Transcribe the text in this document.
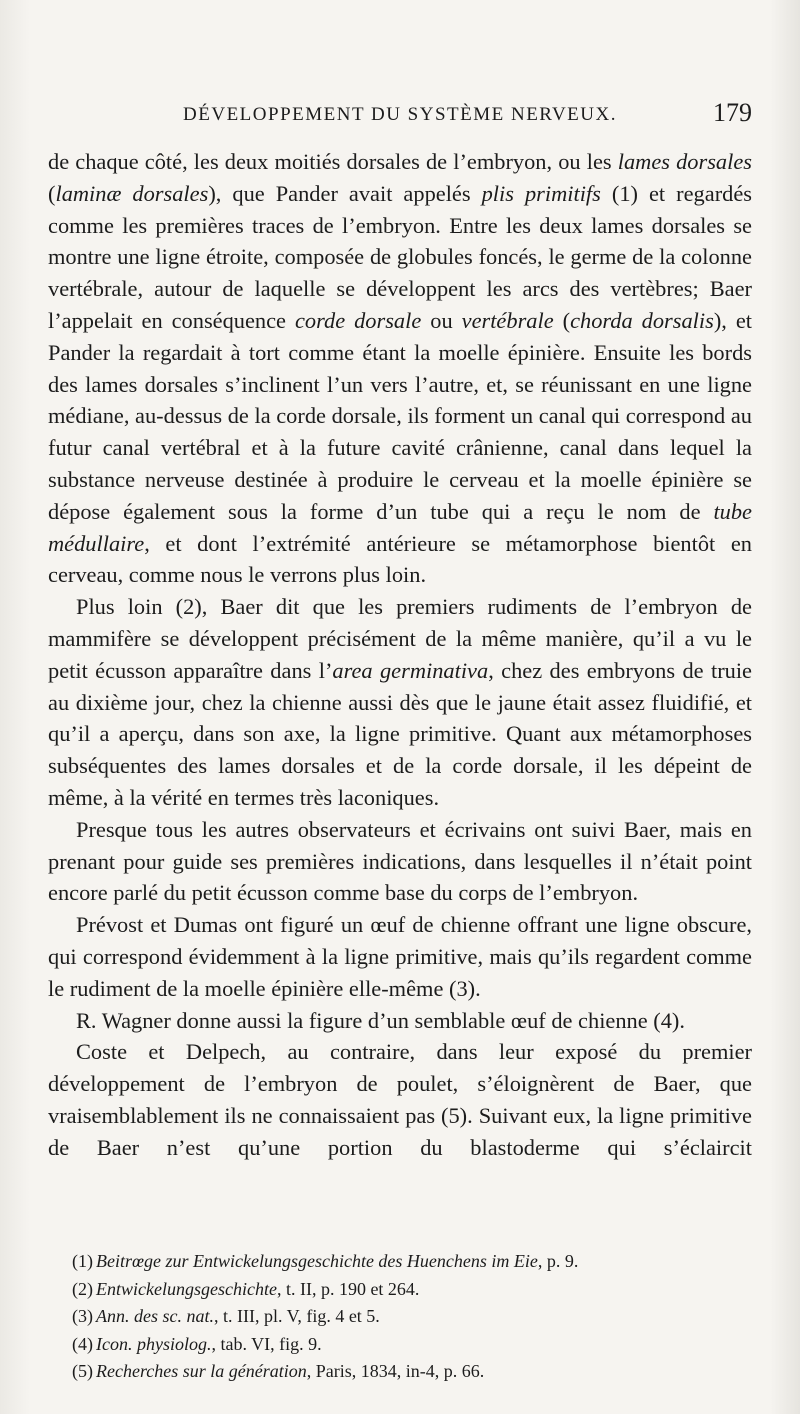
DÉVELOPPEMENT DU SYSTÈME NERVEUX.	179

de chaque côté, les deux moitiés dorsales de l’embryon, ou les lames dorsales (laminæ dorsales), que Pander avait appelés plis primitifs (1) et regardés comme les premières traces de l’embryon. Entre les deux lames dorsales se montre une ligne étroite, composée de globules foncés, le germe de la colonne vertébrale, autour de laquelle se développent les arcs des vertèbres; Baer l’appelait en conséquence corde dorsale ou vertébrale (chorda dorsalis), et Pander la regardait à tort comme étant la moelle épinière. Ensuite les bords des lames dorsales s’inclinent l’un vers l’autre, et, se réunissant en une ligne médiane, au-dessus de la corde dorsale, ils forment un canal qui correspond au futur canal vertébral et à la future cavité crânienne, canal dans lequel la substance nerveuse destinée à produire le cerveau et la moelle épinière se dépose également sous la forme d’un tube qui a reçu le nom de tube médullaire, et dont l’extrémité antérieure se métamorphose bientôt en cerveau, comme nous le verrons plus loin.

Plus loin (2), Baer dit que les premiers rudiments de l’embryon de mammifère se développent précisément de la même manière, qu’il a vu le petit écusson apparaître dans l’area germinativa, chez des embryons de truie au dixième jour, chez la chienne aussi dès que le jaune était assez fluidifié, et qu’il a aperçu, dans son axe, la ligne primitive. Quant aux métamorphoses subséquentes des lames dorsales et de la corde dorsale, il les dépeint de même, à la vérité en termes très laconiques.

Presque tous les autres observateurs et écrivains ont suivi Baer, mais en prenant pour guide ses premières indications, dans lesquelles il n’était point encore parlé du petit écusson comme base du corps de l’embryon.

Prévost et Dumas ont figuré un œuf de chienne offrant une ligne obscure, qui correspond évidemment à la ligne primitive, mais qu’ils regardent comme le rudiment de la moelle épinière elle-même (3).

R. Wagner donne aussi la figure d’un semblable œuf de chienne (4).

Coste et Delpech, au contraire, dans leur exposé du premier développement de l’embryon de poulet, s’éloignèrent de Baer, que vraisemblablement ils ne connaissaient pas (5). Suivant eux, la ligne primitive de Baer n’est qu’une portion du blastoderme qui s’éclaircit

(1) Beitrœge zur Entwickelungsgeschichte des Huenchens im Eie, p. 9.
(2) Entwickelungsgeschichte, t. II, p. 190 et 264.
(3) Ann. des sc. nat., t. III, pl. V, fig. 4 et 5.
(4) Icon. physiolog., tab. VI, fig. 9.
(5) Recherches sur la génération, Paris, 1834, in-4, p. 66.
